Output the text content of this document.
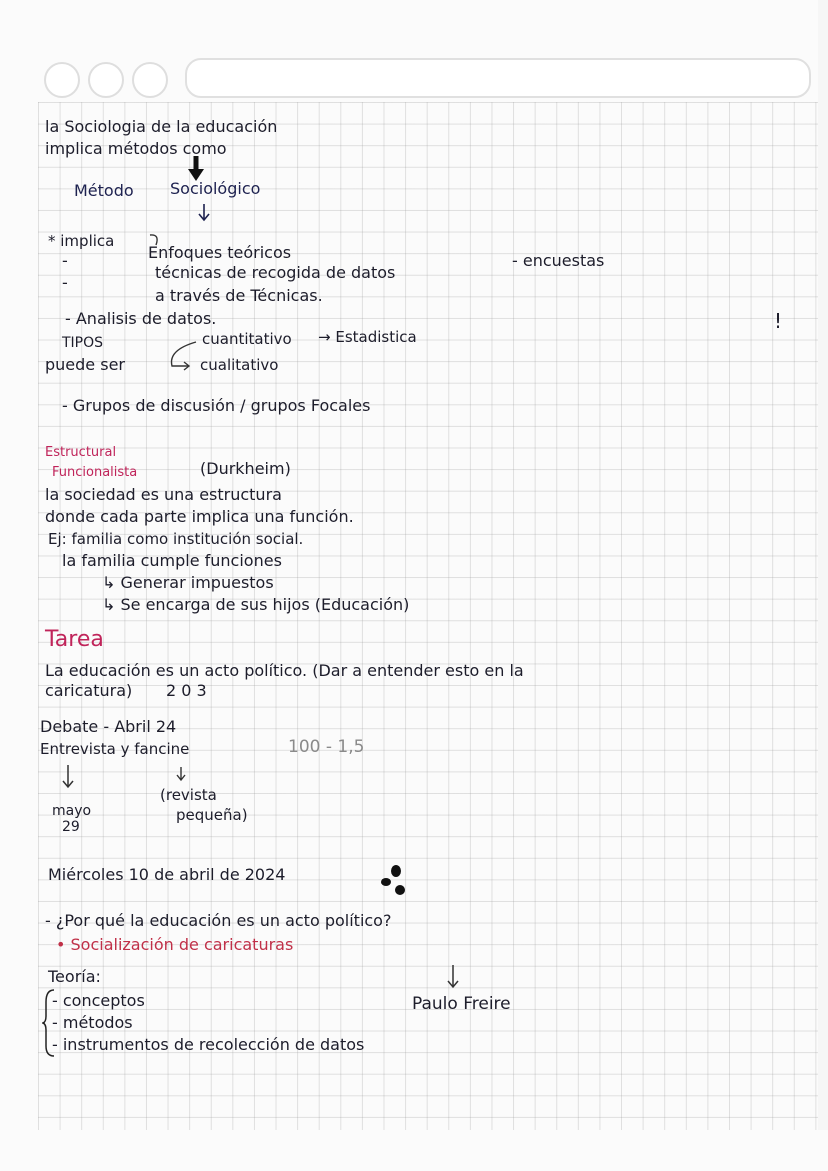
la Sociologia de la educación
implica métodos como
Método Sociológico
* implica
-
-
Enfoques teóricos
técnicas de recogida de datos
a través de Técnicas.
- encuestas
- Analisis de datos.
TIPOS
puede ser
cuantitativo → Estadistica
cualitativo
!
- Grupos de discusión / grupos Focales
Estructural
Funcionalista	(Durkheim)
la sociedad es una estructura
donde cada parte implica una función.
Ej: familia como institución social.
la familia cumple funciones
↳ Generar impuestos
↳ Se encarga de sus hijos (Educación)
Tarea
La educación es un acto político. (Dar a entender esto en la
caricatura) 2 0 3
Debate - Abril 24
Entrevista y fancine	100 - 1,5
mayo
29
(revista
pequeña)
Miércoles 10 de abril de 2024
- ¿Por qué la educación es un acto político?
• Socialización de caricaturas
Teoría:
Paulo Freire
- conceptos
- métodos
- instrumentos de recolección de datos
